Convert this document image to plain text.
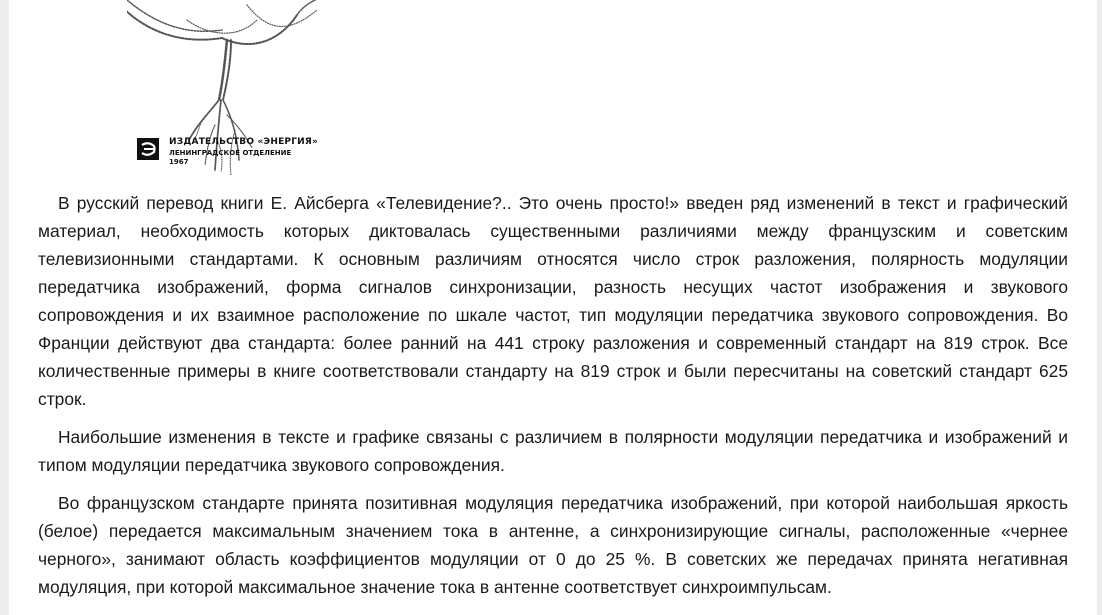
ИЗДАТЕЛЬСТВО «ЭНЕРГИЯ»
ЛЕНИНГРАДСКОЕ ОТДЕЛЕНИЕ
1967

В русский перевод книги Е. Айсберга «Телевидение?.. Это очень просто!» введен ряд изменений в текст и графический материал, необходимость которых диктовалась существенными различиями между французским и советским телевизионными стандартами. К основным различиям относятся число строк разложения, полярность модуляции передатчика изображений, форма сигналов синхронизации, разность несущих частот изображения и звукового сопровождения и их взаимное расположение по шкале частот, тип модуляции передатчика звукового сопровождения. Во Франции действуют два стандарта: более ранний на 441 строку разложения и современный стандарт на 819 строк. Все количественные примеры в книге соответствовали стандарту на 819 строк и были пересчитаны на советский стандарт 625 строк.

Наибольшие изменения в тексте и графике связаны с различием в полярности модуляции передатчика и изображений и типом модуляции передатчика звукового сопровождения.

Во французском стандарте принята позитивная модуляция передатчика изображений, при которой наибольшая яркость (белое) передается максимальным значением тока в антенне, а синхронизирующие сигналы, расположенные «чернее черного», занимают область коэффициентов модуляции от 0 до 25 %. В советских же передачах принята негативная модуляция, при которой максимальное значение тока в антенне соответствует синхроимпульсам.
